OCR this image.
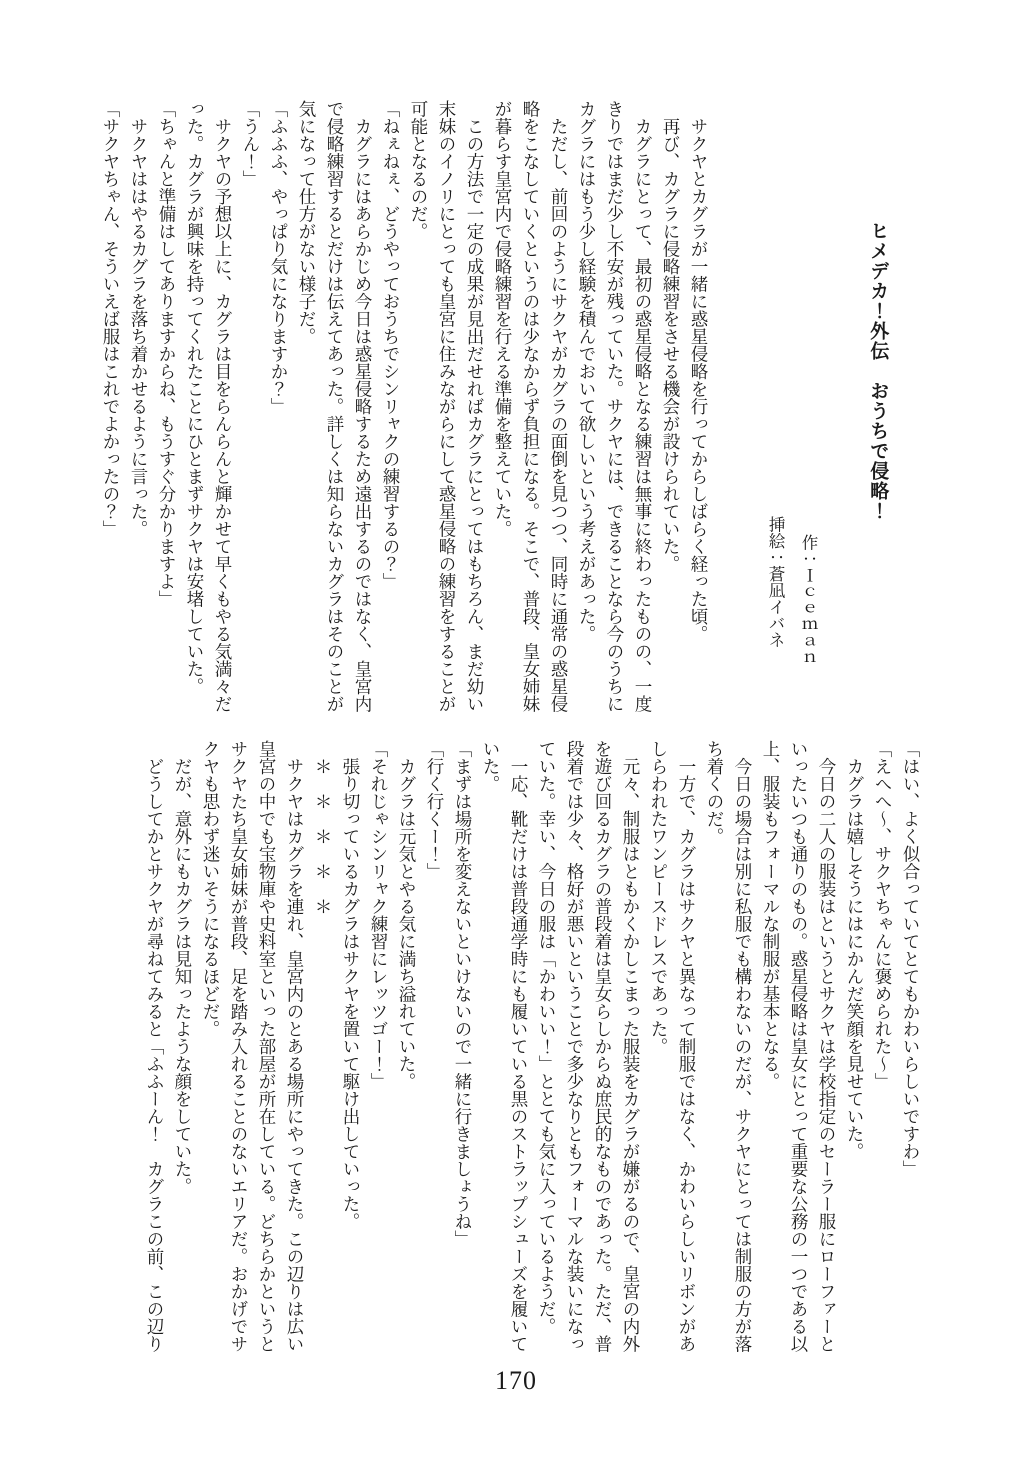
ヒメデカ！外伝　おうちで侵略！

作：Ｉｃｅｍａｎ

挿絵：蒼凪イバネ

　サクヤとカグラが一緒に惑星侵略を行ってからしばらく経った頃。

　再び、カグラに侵略練習をさせる機会が設けられていた。

　カグラにとって、最初の惑星侵略となる練習は無事に終わったものの、一度

きりではまだ少し不安が残っていた。サクヤには、できることなら今のうちに

カグラにはもう少し経験を積んでおいて欲しいという考えがあった。

　ただし、前回のようにサクヤがカグラの面倒を見つつ、同時に通常の惑星侵

略をこなしていくというのは少なからず負担になる。そこで、普段、皇女姉妹

が暮らす皇宮内で侵略練習を行える準備を整えていた。

　この方法で一定の成果が見出だせればカグラにとってはもちろん、まだ幼い

末妹のイノリにとっても皇宮に住みながらにして惑星侵略の練習をすることが

可能となるのだ。

「ねぇねぇ、どうやっておうちでシンリャクの練習するの？」

　カグラにはあらかじめ今日は惑星侵略するため遠出するのではなく、皇宮内

で侵略練習するとだけは伝えてあった。詳しくは知らないカグラはそのことが

気になって仕方がない様子だ。

「ふふふ、やっぱり気になりますか？」

「うん！」

　サクヤの予想以上に、カグラは目をらんらんと輝かせて早くもやる気満々だ

った。カグラが興味を持ってくれたことにひとまずサクヤは安堵していた。

「ちゃんと準備はしてありますからね、もうすぐ分かりますよ」

　サクヤははやるカグラを落ち着かせるように言った。

「サクヤちゃん、そういえば服はこれでよかったの？」

「はい、よく似合っていてとてもかわいらしいですわ」

「えへへ〜、サクヤちゃんに褒められた〜」

　カグラは嬉しそうにはにかんだ笑顔を見せていた。

　今日の二人の服装はというとサクヤは学校指定のセーラー服にローファーと

いったいつも通りのもの。惑星侵略は皇女にとって重要な公務の一つである以

上、服装もフォーマルな制服が基本となる。

　今日の場合は別に私服でも構わないのだが、サクヤにとっては制服の方が落

ち着くのだ。

　一方で、カグラはサクヤと異なって制服ではなく、かわいらしいリボンがあ

しらわれたワンピースドレスであった。

　元々、制服はともかくかしこまった服装をカグラが嫌がるので、皇宮の内外

を遊び回るカグラの普段着は皇女らしからぬ庶民的なものであった。ただ、普

段着では少々、格好が悪いということで多少なりともフォーマルな装いになっ

ていた。幸い、今日の服は「かわいい！」ととても気に入っているようだ。

　一応、靴だけは普段通学時にも履いている黒のストラップシューズを履いて

いた。

「まずは場所を変えないといけないので一緒に行きましょうね」

「行く行くー！」

　カグラは元気とやる気に満ち溢れていた。

「それじゃシンリャク練習にレッツゴー！」

　張り切っているカグラはサクヤを置いて駆け出していった。

　＊　＊　＊　＊　＊

　サクヤはカグラを連れ、皇宮内のとある場所にやってきた。この辺りは広い

皇宮の中でも宝物庫や史料室といった部屋が所在している。どちらかというと

サクヤたち皇女姉妹が普段、足を踏み入れることのないエリアだ。おかげでサ

クヤも思わず迷いそうになるほどだ。

　だが、意外にもカグラは見知ったような顔をしていた。

　どうしてかとサクヤが尋ねてみると「ふふーん！　カグラこの前、この辺り

170
